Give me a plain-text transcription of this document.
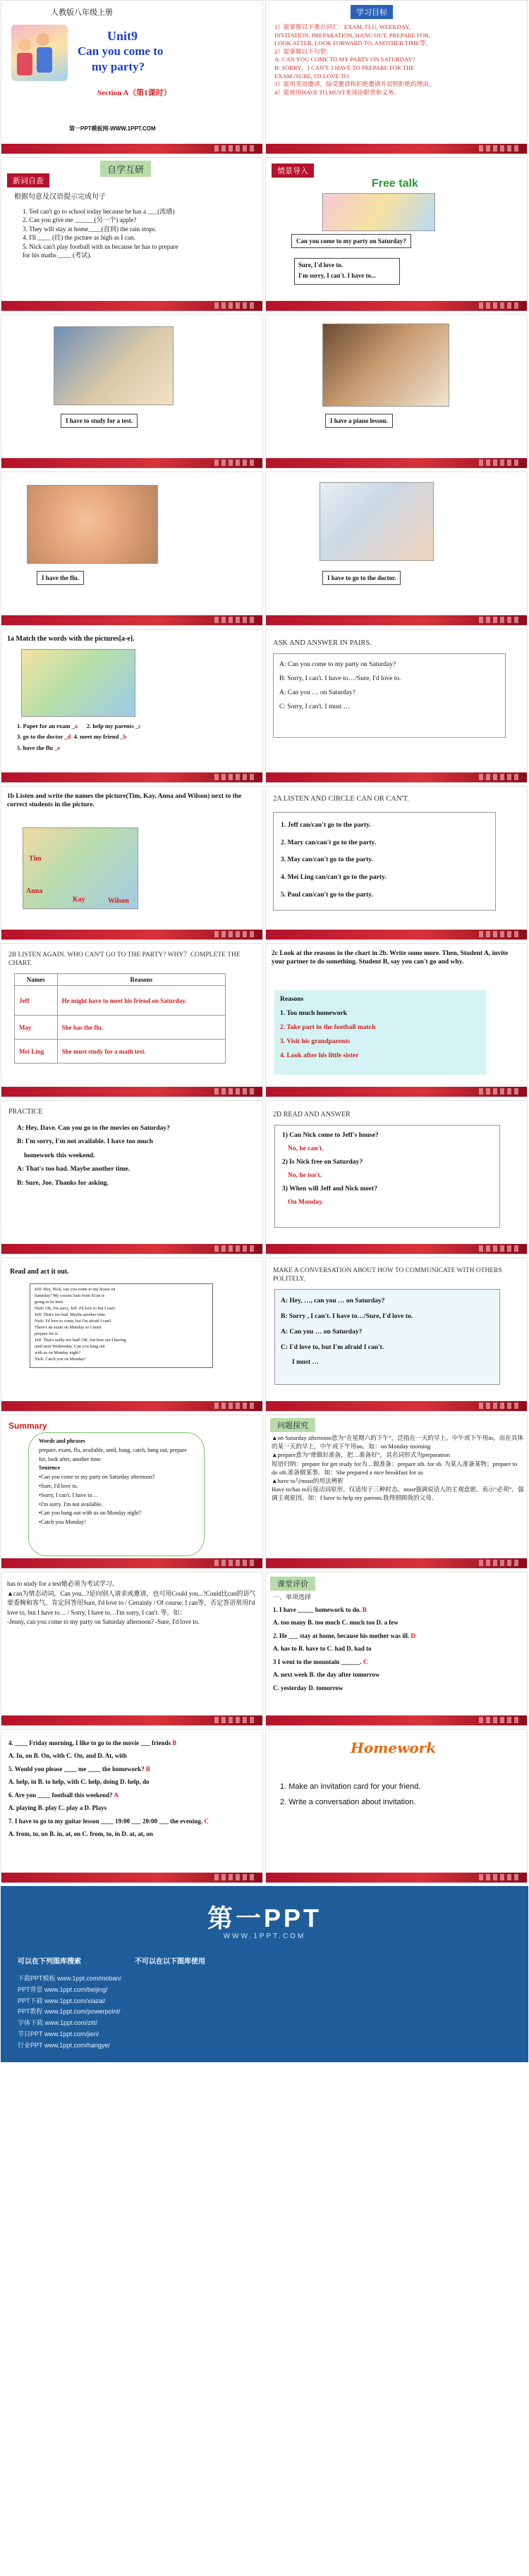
人教版八年级上册
Unit9
Can you come to
my party?
Section A（第1课时）
第一PPT模板网-WWW.1PPT.COM
学习目标
1）能掌握以下重点词汇：EXAM, FLU, WEEKDAY,
INVITATION, PREPARATION, HANG OUT, PREPARE FOR,
LOOK AFTER, LOOK FORWARD TO, ANOTHER TIME等。
2）能掌握以下句型：
A: CAN YOU COME TO MY PARTY ON SATURDAY?
B: SORRY，I CAN'T. I HAVE TO PREPARE FOR THE
EXAM./SURE, I'D LOVE TO.
3）能用英语邀请，接受邀请和拒绝邀请并说明拒绝的理由。
4）能使用HAVE TO,MUST来谈论职责和义务。
新词自查
自学互研
根据句意及汉语提示完成句子
1. Ted can't go to school today because he has a ___(流感)
2. Can you give me ______(另一个) apple?
3. They will stay at home____(直到) the rain stops.
4. I'll ____ (挂) the picture as high as I can.
5. Nick can't play football with us because he has to prepare
for his maths ____ (考试).
情景导入
Free talk
Can you come to my party on Saturday?
Sure, I'd love to.
I'm sorry, I can't. I have to...
I have to study for a test.	I have a piano lesson.
I have the flu.	I have to go to the doctor.
1a Match the words with the pictures[a-e].
1. Paper for an exam _a 2. help my parents _c
3. go to the doctor _d 4. meet my friend _b
5. have the flu _e
ASK AND ANSWER IN PAIRS.
A: Can you come to my party on Saturday?
B: Sorry, I can't. I have to…/Sure, I'd love to.
A: Can you … on Saturday?
C: Sorry, I can't. I must …
1b Listen and write the names the picture(Tim, Kay, Anna and Wilson) next to the correct students in the picture.
Tim
Anna
Kay	Wilson
2A LISTEN AND CIRCLE CAN OR CAN'T.
1. Jeff can/can't go to the party.
2. Mary can/can't go to the party.
3. May can/can't go to the party.
4. Mei Ling can/can't go to the party.
5. Paul can/can't go to the party.
2B LISTEN AGAIN. WHO CAN'T GO TO THE PARTY? WHY？COMPLETE THE CHART.
Names	Reasons
Jeff	He might have to meet his friend on Saturday.
May	She has the flu.
Mei Ling	She must study for a math test.
2c Look at the reasons in the chart in 2b. Write some more. Then, Student A, invite your partner to do something. Student B, say you can't go and why.
Reasons
1. Too much homework
2. Take part in the football match
3. Visit his grandparents
4. Look after his little sister
PRACTICE
A: Hey, Dave. Can you go to the movies on Saturday?
B: I'm sorry, I'm not available. I have too much
homework this weekend.
A: That's too bad. Maybe another time.
B: Sure, Joe. Thanks for asking.
2D READ AND ANSWER
1) Can Nick come to Jeff's house?
No, he can't.
2) Is Nick free on Saturday?
No, he isn't.
3) When will Jeff and Nick meet?
On Monday.
Read and act it out.
Jeff: Hey, Nick, can you come to my house on
Saturday? My cousin Sam from Xi'an is
going to be here.
Nick: Oh, I'm sorry, Jeff. I'd love to but I can't.
Jeff: That's too bad. Maybe another time.
Nick: I'd love to come, but I'm afraid I can't.
There's an exam on Monday so I must
prepare for it.
Jeff: That's really too bad! OK, but how am I having
until next Wednesday. Can you hang out
with us on Monday night?
Nick: Catch you on Monday!
MAKE A CONVERSATION ABOUT HOW TO COMMUNICATE WITH OTHERS POLITELY.
A: Hey, …, can you … on Saturday?
B: Sorry , I can't. I have to…/Sure, I'd love to.
A: Can you … on Saturday?
C: I'd love to, but I'm afraid I can't.
I must …
Summary
Words and phrases
prepare, exam, flu, available, until, hang, catch, hang out, prepare for, look after, another time
Sentence
•Can you come to my party on Saturday afternoon?
•Sure, I'd love to.
•Sorry, I can't. I have to…
•I'm sorry. I'm not available.
•Can you hang out with us on Monday night?
•Catch you Monday!
问题探究
▲on Saturday afternoon意为“在星期六的下午”，泛指在一天的早上、中午或下午用in，而在具体的某一天的早上，中午或下午用on。如：on Monday morning
▲prepare意为“使做好准备，把…准备好”，其名词形式为preparation
短语归纳：prepare for get ready for为…做准备；prepare sth. for sb. 为某人准备某物；prepare to do sth.准备做某事。如：She prepared a nice breakfast for us
▲have to与must的用法辨析
Have to/has to后接动词原形，仅适用于三种时态。must强调说话人的主观意愿，表示“必须”，强调主观原因。如：I have to help my parents.我得照顾我的父母。
has to study for a test她必须为考试学习。
▲can为情态动词，Can you...?是向别人请求或邀请，也可用Could you...?Could比can的语气要委婉和客气。肯定回答用Sure, I'd love to / Certainly / Of course, I can等，否定答语常用I'd love to, but I have to… / Sorry, I have to…I'm sorry, I can't. 等。如：
-Jenny, can you come to my party on Saturday afternoon? -Sure, I'd love to.
课堂评价
一、单项选择
1. I have _____ homework to do. B
A. too many B. too much C. much too D. a few
2. He ___ stay at home, because his mother was ill. D
A. has to B. have to C. had D. had to
3 I went to the mountain ______. C
A. next week B. the day after tomorrow
C. yesterday D. tomorrow
4. ____ Friday morning, I like to go to the movie ___ friends B
A. In, on B. On, with C. On, and D. At, with
5. Would you please ____ me ____ the homework? B
A. help, in B. to help, with C. help, doing D. help, do
6. Are you ____ football this weekend? A
A. playing B. play C. play a D. Plays
7. I have to go to my guitar lesson ____ 19:00 ___ 20:00 ___ the evening. C
A. from, to, on B. in, at, on C. from, to, in D. at, at, on
Homework
1. Make an invitation card for your friend.
2. Write a conversation about invitation.
第一PPT
WWW.1PPT.COM
可以在下列图库搜索	不可以在以下图库使用
下载PPT模板 www.1ppt.com/moban/
PPT背景 www.1ppt.com/beijing/
PPT下载 www.1ppt.com/xiazai/
PPT教程 www.1ppt.com/powerpoint/
字体下载 www.1ppt.com/ziti/
节日PPT www.1ppt.com/jieri/
行业PPT www.1ppt.com/hangye/
